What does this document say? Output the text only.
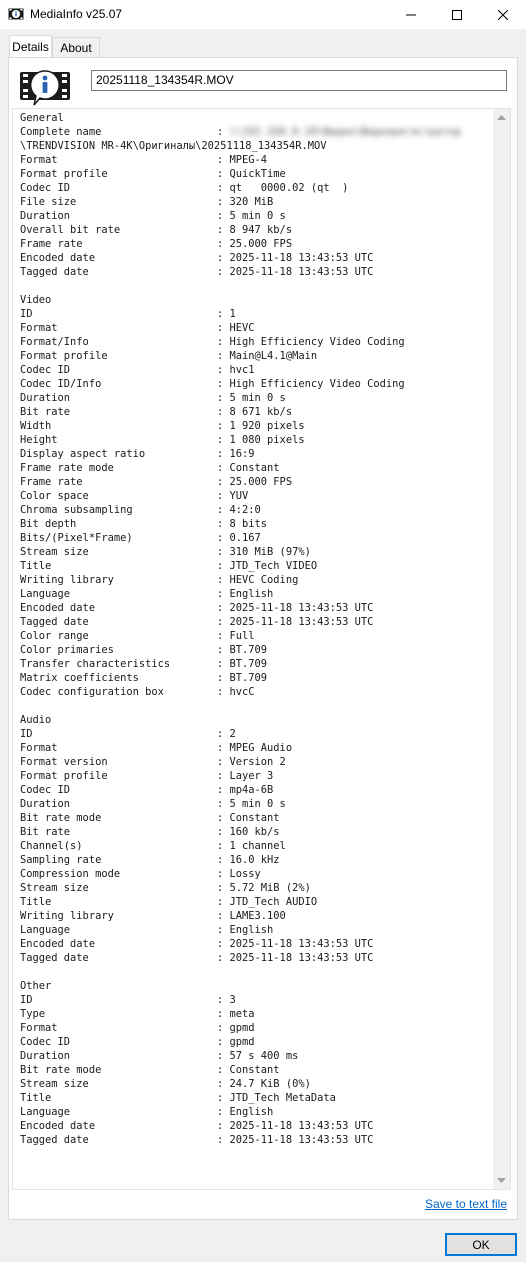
MediaInfo v25.07
Details About
20251118_134354R.MOV
General
Complete name	: \\192.168.0.10\Видео\Видеорегистратор
\TRENDVISION MR-4K\Оригиналы\20251118_134354R.MOV
Format	: MPEG-4
Format profile	: QuickTime
Codec ID	: qt   0000.02 (qt  )
File size	: 320 MiB
Duration	: 5 min 0 s
Overall bit rate	: 8 947 kb/s
Frame rate	: 25.000 FPS
Encoded date	: 2025-11-18 13:43:53 UTC
Tagged date	: 2025-11-18 13:43:53 UTC
Video
ID	: 1
Format	: HEVC
Format/Info	: High Efficiency Video Coding
Format profile	: Main@L4.1@Main
Codec ID	: hvc1
Codec ID/Info	: High Efficiency Video Coding
Duration	: 5 min 0 s
Bit rate	: 8 671 kb/s
Width	: 1 920 pixels
Height	: 1 080 pixels
Display aspect ratio	: 16:9
Frame rate mode	: Constant
Frame rate	: 25.000 FPS
Color space	: YUV
Chroma subsampling	: 4:2:0
Bit depth	: 8 bits
Bits/(Pixel*Frame)	: 0.167
Stream size	: 310 MiB (97%)
Title	: JTD_Tech VIDEO
Writing library	: HEVC Coding
Language	: English
Encoded date	: 2025-11-18 13:43:53 UTC
Tagged date	: 2025-11-18 13:43:53 UTC
Color range	: Full
Color primaries	: BT.709
Transfer characteristics	: BT.709
Matrix coefficients	: BT.709
Codec configuration box	: hvcC
Audio
ID	: 2
Format	: MPEG Audio
Format version	: Version 2
Format profile	: Layer 3
Codec ID	: mp4a-6B
Duration	: 5 min 0 s
Bit rate mode	: Constant
Bit rate	: 160 kb/s
Channel(s)	: 1 channel
Sampling rate	: 16.0 kHz
Compression mode	: Lossy
Stream size	: 5.72 MiB (2%)
Title	: JTD_Tech AUDIO
Writing library	: LAME3.100
Language	: English
Encoded date	: 2025-11-18 13:43:53 UTC
Tagged date	: 2025-11-18 13:43:53 UTC
Other
ID	: 3
Type	: meta
Format	: gpmd
Codec ID	: gpmd
Duration	: 57 s 400 ms
Bit rate mode	: Constant
Stream size	: 24.7 KiB (0%)
Title	: JTD_Tech MetaData
Language	: English
Encoded date	: 2025-11-18 13:43:53 UTC
Tagged date	: 2025-11-18 13:43:53 UTC
Save to text file
OK
